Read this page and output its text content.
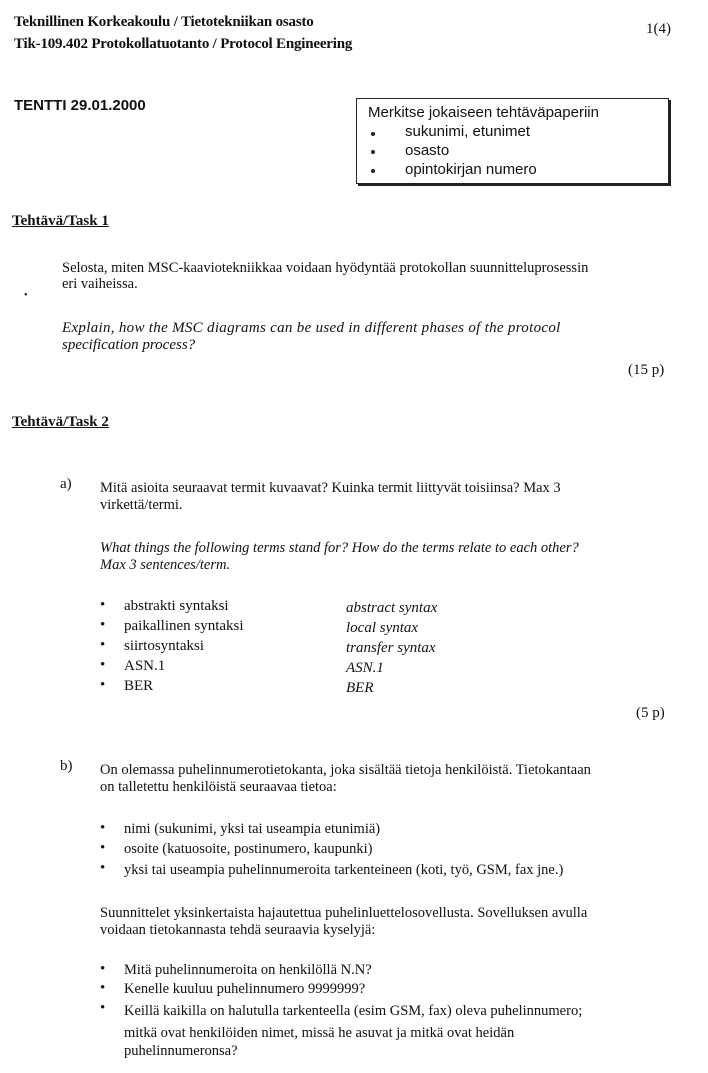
Teknillinen Korkeakoulu / Tietotekniikan osasto
Tik-109.402 Protokollatuotanto / Protocol Engineering
1(4)
TENTTI 29.01.2000	Merkitse jokaiseen tehtäväpaperiin
sukunimi, etunimet
osasto
opintokirjan numero
Tehtävä/Task 1
Selosta, miten MSC-kaaviotekniikkaa voidaan hyödyntää protokollan suunnitteluprosessin
eri vaiheissa.
•
Explain, how the MSC diagrams can be used in different phases of the protocol
specification process?
(15 p)
Tehtävä/Task 2
a) Mitä asioita seuraavat termit kuvaavat? Kuinka termit liittyvät toisiinsa? Max 3
virkettä/termi.
What things the following terms stand for? How do the terms relate to each other?
Max 3 sentences/term.
• abstrakti syntaksi	abstract syntax
• paikallinen syntaksi	local syntax
• siirtosyntaksi	transfer syntax
• ASN.1	ASN.1
• BER	BER
(5 p)
b) On olemassa puhelinnumerotietokanta, joka sisältää tietoja henkilöistä. Tietokantaan
on talletettu henkilöistä seuraavaa tietoa:
• nimi (sukunimi, yksi tai useampia etunimiä)
• osoite (katuosoite, postinumero, kaupunki)
• yksi tai useampia puhelinnumeroita tarkenteineen (koti, työ, GSM, fax jne.)
Suunnittelet yksinkertaista hajautettua puhelinluettelosovellusta. Sovelluksen avulla
voidaan tietokannasta tehdä seuraavia kyselyjä:
• Mitä puhelinnumeroita on henkilöllä N.N?
• Kenelle kuuluu puhelinnumero 9999999?
• Keillä kaikilla on halutulla tarkenteella (esim GSM, fax) oleva puhelinnumero;
mitkä ovat henkilöiden nimet, missä he asuvat ja mitkä ovat heidän
puhelinnumeronsa?
